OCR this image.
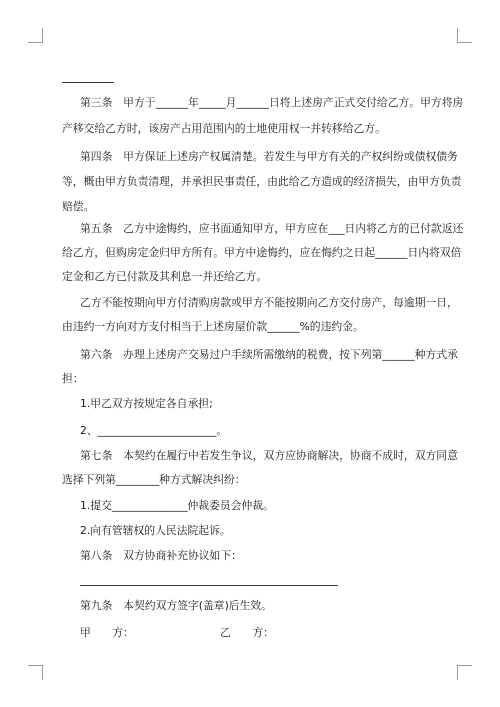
第三条　甲方于______年_____月______日将上述房产正式交付给乙方。甲方将房
产移交给乙方时，该房产占用范围内的土地使用权一并转移给乙方。
第四条　甲方保证上述房产权属清楚。若发生与甲方有关的产权纠纷或债权债务
等，概由甲方负责清理，并承担民事责任，由此给乙方造成的经济损失，由甲方负责
赔偿。
第五条　乙方中途悔约，应书面通知甲方，甲方应在___日内将乙方的已付款返还
给乙方，但购房定金归甲方所有。甲方中途悔约，应在悔约之日起______日内将双倍
定金和乙方已付款及其利息一并还给乙方。
乙方不能按期向甲方付清购房款或甲方不能按期向乙方交付房产，每逾期一日，
由违约一方向对方支付相当于上述房屋价款______%的违约金。
第六条　办理上述房产交易过户手续所需缴纳的税费，按下列第______种方式承
担：
1.甲乙双方按规定各自承担;
2、______________________。
第七条　本契约在履行中若发生争议，双方应协商解决，协商不成时，双方同意
选择下列第________种方式解决纠纷：
1.提交______________仲裁委员会仲裁。
2.向有管辖权的人民法院起诉。
第八条　双方协商补充协议如下：
第九条　本契约双方签字(盖章)后生效。
甲　　方：	乙　　方：
